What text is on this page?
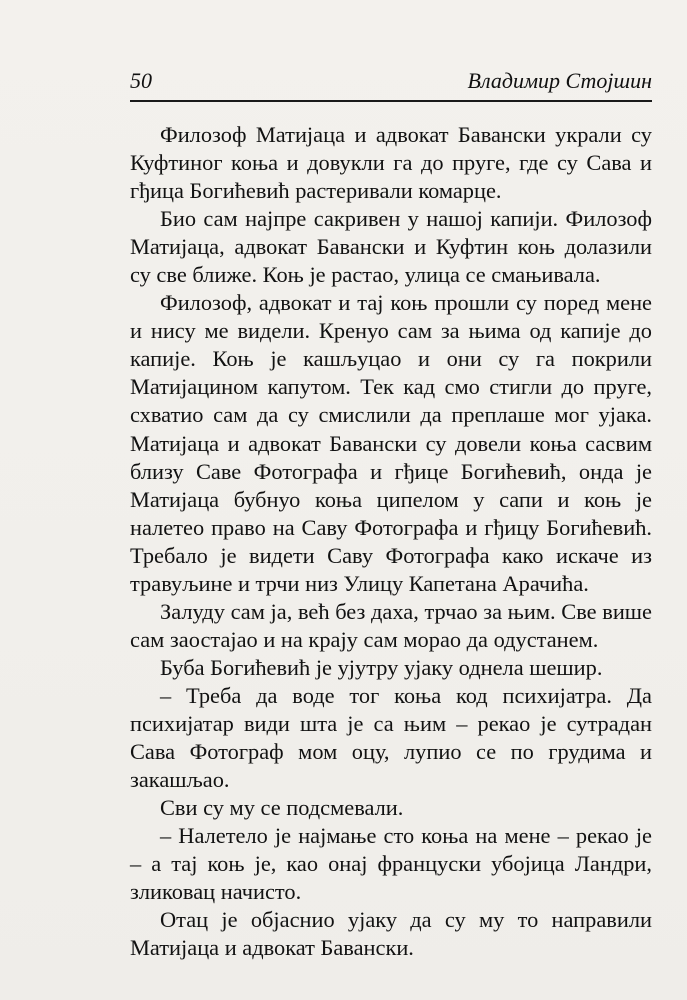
50	Владимир Стојшин

Филозоф Матијаца и адвокат Бавански украли су Куфтиног коња и довукли га до пруге, где су Сава и гђица Богићевић растеривали комарце.

Био сам најпре сакривен у нашој капији. Филозоф Матијаца, адвокат Бавански и Куфтин коњ долазили су све ближе. Коњ је растао, улица се смањивала.

Филозоф, адвокат и тај коњ прошли су поред мене и нису ме видели. Кренуо сам за њима од капије до капије. Коњ је кашљуцао и они су га покрили Матијацином капутом. Тек кад смо стигли до пруге, схватио сам да су смислили да преплаше мог ујака. Матијаца и адвокат Бавански су довели коња сасвим близу Саве Фотографа и гђице Богићевић, онда је Матијаца бубнуо коња ципелом у сапи и коњ је налетео право на Саву Фотографа и гђицу Богићевић. Требало је видети Саву Фотографа како искаче из травуљине и трчи низ Улицу Капетана Арачића.

Залуду сам ја, већ без даха, трчао за њим. Све више сам заостајао и на крају сам морао да одустанем.

Буба Богићевић је ујутру ујаку однела шешир.

– Треба да воде тог коња код психијатра. Да психијатар види шта је са њим – рекао је сутрадан Сава Фотограф мом оцу, лупио се по грудима и закашљао.

Сви су му се подсмевали.

– Налетело је најмање сто коња на мене – рекао је – а тај коњ је, као онај француски убојица Ландри, зликовац начисто.

Отац је објаснио ујаку да су му то направили Матијаца и адвокат Бавански.
